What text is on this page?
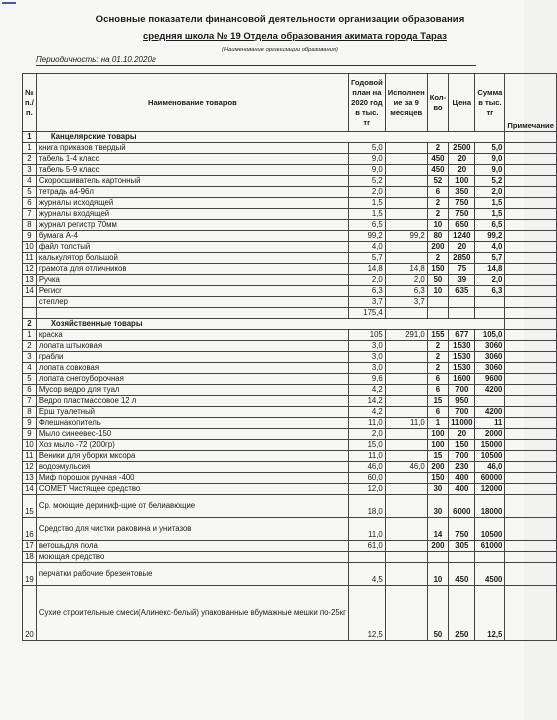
Основные показатели финансовой деятельности организации образования
средняя школа № 19 Отдела образования акимата города Тараз
(Наименование организации образования)
Периодичность: на 01.10.2020г
№ п./п.	Наименование товаров	Годовой план на 2020 год в тыс. тг	Исполнен ие за 9 месяцев	Кол-во	Цена	Сумма в тыс. тг	Примечание
1	Канцелярские товары						
1	книга приказов твердый	5,0		2	2500	5,0	
2	табель 1-4 класс	9,0		450	20	9,0	
3	табель 5-9 класс	9,0		450	20	9,0	
4	Скоросшиватель картонный	5,2		52	100	5,2	
5	тетрадь а4-96л	2,0		6	350	2,0	
6	журналы исходящей	1,5		2	750	1,5	
7	журналы входящей	1,5		2	750	1,5	
8	журнал регистр 70мм	6,5		10	650	6,5	
9	бумага А-4	99,2	99,2	80	1240	99,2	
10	файл толстый	4,0		200	20	4,0	
11	калькулятор большой	5,7		2	2850	5,7	
12	грамота для отличников	14,8	14,8	150	75	14,8	
13	Ручка	2,0	2,0	50	39	2,0	
14	Регисr	6,3	6,3	10	635	6,3	
	степлер	3,7	3,7				
		175,4					
2	Хозяйственные товары						
1	краска	105	291,0	155	677	105,0	
2	лопата штыковая	3,0		2	1530	3060	
3	грабли	3,0		2	1530	3060	
4	лопата совковая	3,0		2	1530	3060	
5	лопата снегоуборочная	9,6		6	1600	9600	
6	Мусор ведро для туал	4,2		6	700	4200	
7	Ведро пластмассовое 12 л	14,2		15	950		
8	Ерш туалетный	4,2		6	700	4200	
9	Флешнакопитель	11,0	11,0	1	11000	11	
9	Мыло синеевес-150	2,0		100	20	2000	
10	Хоз мыло -72 (200гр)	15,0		100	150	15000	
11	Веники для уборки мксора	11,0		15	700	10500	
12	водоэмульсия	46,0	46,0	200	230	46,0	
13	Миф порошок ручная -400	60,0		150	400	60000	
14	COMET Чистящее средство	12,0		30	400	12000	
15	Ср. моющие дериниф-щие от белиавющие	18,0		30	6000	18000	
16	Средство для чистки раковина и унитазов	11,0		14	750	10500	
17	ветошьдля пола	61,0		200	305	61000	
18	моющая средство						
19	перчатки рабочие брезентовые	4,5		10	450	4500	
20	Сухие строительные смеси(Алинекс-белый) упакованные вбумажные мешки по-25кг	12,5		50	250	12,5	
